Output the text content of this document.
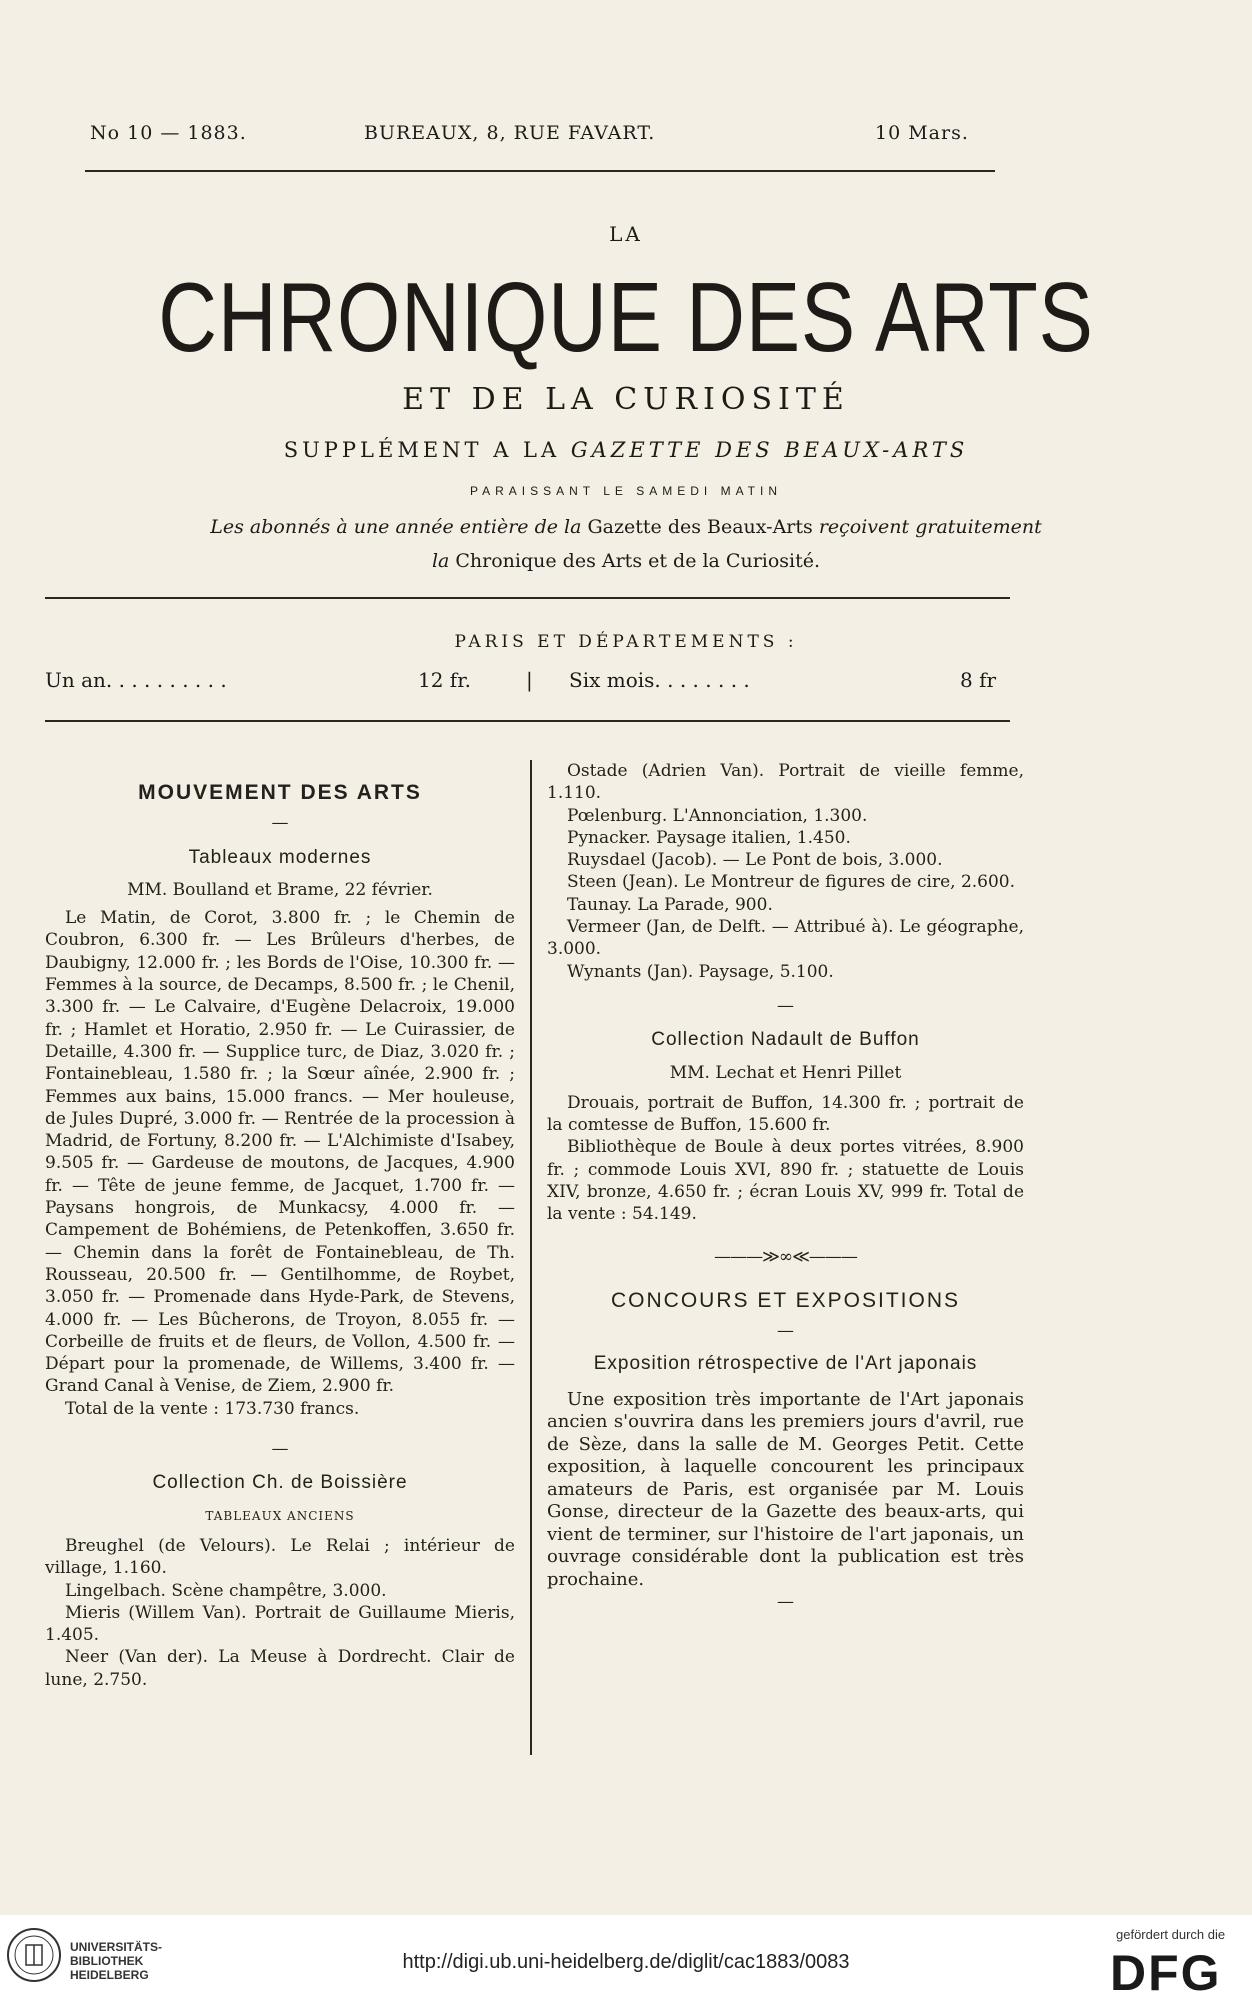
No 10 — 1883.	BUREAUX, 8, RUE FAVART.	10 Mars.
LA
CHRONIQUE DES ARTS
ET DE LA CURIOSITÉ
SUPPLÉMENT A LA GAZETTE DES BEAUX-ARTS
PARAISSANT LE SAMEDI MATIN
Les abonnés à une année entière de la Gazette des Beaux-Arts reçoivent gratuitement
la Chronique des Arts et de la Curiosité.
PARIS ET DÉPARTEMENTS :
Un an. . . . . . . . . .	12 fr.	| Six mois. . . . . . . .	8 fr

MOUVEMENT DES ARTS

—

Tableaux modernes

MM. Boulland et Brame, 22 février.

Le Matin, de Corot, 3.800 fr. ; le Chemin de Coubron, 6.300 fr. — Les Brûleurs d'herbes, de Daubigny, 12.000 fr. ; les Bords de l'Oise, 10.300 fr. — Femmes à la source, de Decamps, 8.500 fr. ; le Chenil, 3.300 fr. — Le Calvaire, d'Eugène Delacroix, 19.000 fr. ; Hamlet et Horatio, 2.950 fr. — Le Cuirassier, de Detaille, 4.300 fr. — Supplice turc, de Diaz, 3.020 fr. ; Fontainebleau, 1.580 fr. ; la Sœur aînée, 2.900 fr. ; Femmes aux bains, 15.000 francs. — Mer houleuse, de Jules Dupré, 3.000 fr. — Rentrée de la procession à Madrid, de Fortuny, 8.200 fr. — L'Alchimiste d'Isabey, 9.505 fr. — Gardeuse de moutons, de Jacques, 4.900 fr. — Tête de jeune femme, de Jacquet, 1.700 fr. — Paysans hongrois, de Munkacsy, 4.000 fr. — Campement de Bohémiens, de Petenkoffen, 3.650 fr. — Chemin dans la forêt de Fontainebleau, de Th. Rousseau, 20.500 fr. — Gentilhomme, de Roybet, 3.050 fr. — Promenade dans Hyde-Park, de Stevens, 4.000 fr. — Les Bûcherons, de Troyon, 8.055 fr. — Corbeille de fruits et de fleurs, de Vollon, 4.500 fr. — Départ pour la promenade, de Willems, 3.400 fr. — Grand Canal à Venise, de Ziem, 2.900 fr.

Total de la vente : 173.730 francs.

—

Collection Ch. de Boissière

TABLEAUX ANCIENS

Breughel (de Velours). Le Relai ; intérieur de village, 1.160.

Lingelbach. Scène champêtre, 3.000.

Mieris (Willem Van). Portrait de Guillaume Mieris, 1.405.

Neer (Van der). La Meuse à Dordrecht. Clair de lune, 2.750.

Ostade (Adrien Van). Portrait de vieille femme, 1.110.

Pœlenburg. L'Annonciation, 1.300.

Pynacker. Paysage italien, 1.450.

Ruysdael (Jacob). — Le Pont de bois, 3.000.

Steen (Jean). Le Montreur de figures de cire, 2.600.

Taunay. La Parade, 900.

Vermeer (Jan, de Delft. — Attribué à). Le géographe, 3.000.

Wynants (Jan). Paysage, 5.100.

—

Collection Nadault de Buffon

MM. Lechat et Henri Pillet

Drouais, portrait de Buffon, 14.300 fr. ; portrait de la comtesse de Buffon, 15.600 fr.

Bibliothèque de Boule à deux portes vitrées, 8.900 fr. ; commode Louis XVI, 890 fr. ; statuette de Louis XIV, bronze, 4.650 fr. ; écran Louis XV, 999 fr. Total de la vente : 54.149.

———≫∞≪———

CONCOURS ET EXPOSITIONS

—

Exposition rétrospective de l'Art japonais

Une exposition très importante de l'Art japonais ancien s'ouvrira dans les premiers jours d'avril, rue de Sèze, dans la salle de M. Georges Petit. Cette exposition, à laquelle concourent les principaux amateurs de Paris, est organisée par M. Louis Gonse, directeur de la Gazette des beaux-arts, qui vient de terminer, sur l'histoire de l'art japonais, un ouvrage considérable dont la publication est très prochaine.

—

UNIVERSITÄTS-
BIBLIOTHEK
HEIDELBERG
http://digi.ub.uni-heidelberg.de/diglit/cac1883/0083
gefördert durch die
DFG
